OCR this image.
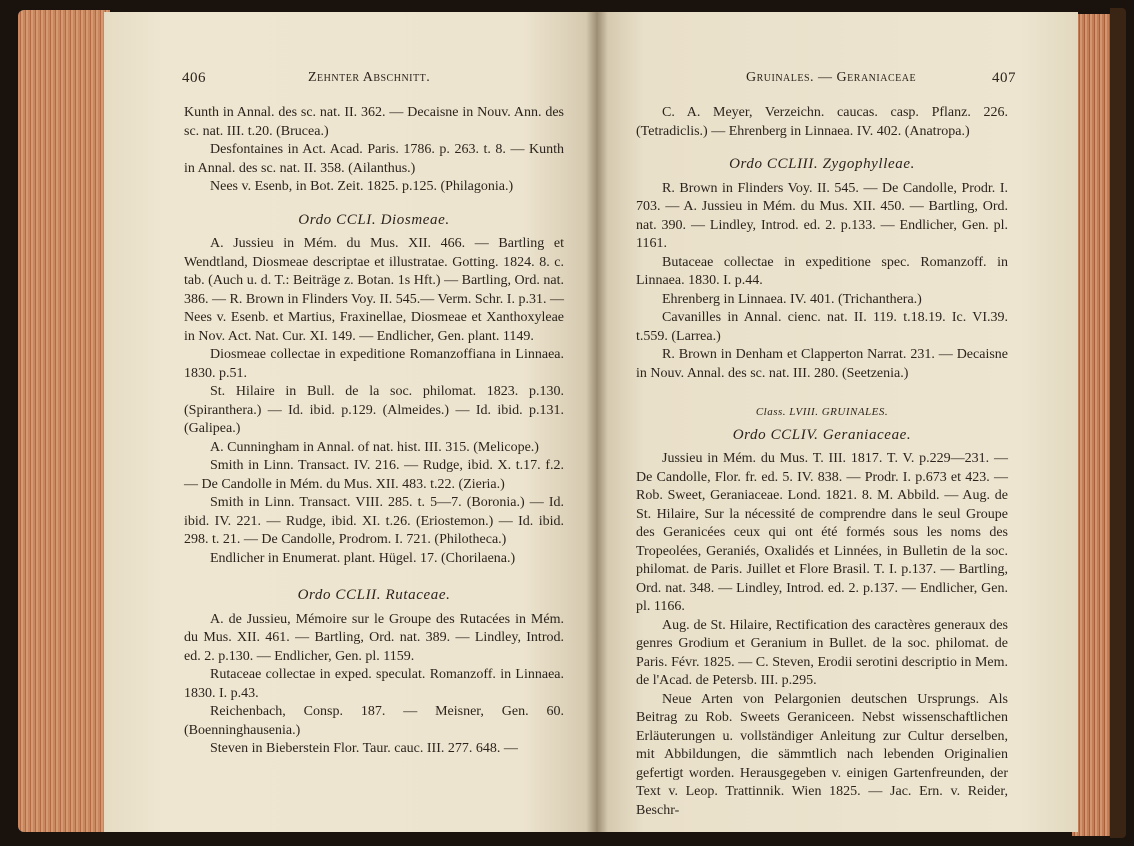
406	Zehnter Abschnitt.

Kunth in Annal. des sc. nat. II. 362. — Decaisne in Nouv. Ann. des sc. nat. III. t.20. (Brucea.)

Desfontaines in Act. Acad. Paris. 1786. p. 263. t. 8. — Kunth in Annal. des sc. nat. II. 358. (Ailanthus.)

Nees v. Esenb, in Bot. Zeit. 1825. p.125. (Philagonia.)

Ordo CCLI. Diosmeae.

A. Jussieu in Mém. du Mus. XII. 466. — Bartling et Wendtland, Diosmeae descriptae et illustratae. Gotting. 1824. 8. c. tab. (Auch u. d. T.: Beiträge z. Botan. 1s Hft.) — Bartling, Ord. nat. 386. — R. Brown in Flinders Voy. II. 545.— Verm. Schr. I. p.31. — Nees v. Esenb. et Martius, Fraxinellae, Diosmeae et Xanthoxyleae in Nov. Act. Nat. Cur. XI. 149. — Endlicher, Gen. plant. 1149.

Diosmeae collectae in expeditione Romanzoffiana in Linnaea. 1830. p.51.

St. Hilaire in Bull. de la soc. philomat. 1823. p.130. (Spiranthera.) — Id. ibid. p.129. (Almeides.) — Id. ibid. p.131. (Galipea.)

A. Cunningham in Annal. of nat. hist. III. 315. (Melicope.)

Smith in Linn. Transact. IV. 216. — Rudge, ibid. X. t.17. f.2. — De Candolle in Mém. du Mus. XII. 483. t.22. (Zieria.)

Smith in Linn. Transact. VIII. 285. t. 5—7. (Boronia.) — Id. ibid. IV. 221. — Rudge, ibid. XI. t.26. (Eriostemon.) — Id. ibid. 298. t. 21. — De Candolle, Prodrom. I. 721. (Philotheca.)

Endlicher in Enumerat. plant. Hügel. 17. (Chorilaena.)

Ordo CCLII. Rutaceae.

A. de Jussieu, Mémoire sur le Groupe des Rutacées in Mém. du Mus. XII. 461. — Bartling, Ord. nat. 389. — Lindley, Introd. ed. 2. p.130. — Endlicher, Gen. pl. 1159.

Rutaceae collectae in exped. speculat. Romanzoff. in Linnaea. 1830. I. p.43.

Reichenbach, Consp. 187. — Meisner, Gen. 60. (Boenninghausenia.)

Steven in Bieberstein Flor. Taur. cauc. III. 277. 648. —

Gruinales. — Geraniaceae	407

C. A. Meyer, Verzeichn. caucas. casp. Pflanz. 226. (Tetradiclis.) — Ehrenberg in Linnaea. IV. 402. (Anatropa.)

Ordo CCLIII. Zygophylleae.

R. Brown in Flinders Voy. II. 545. — De Candolle, Prodr. I. 703. — A. Jussieu in Mém. du Mus. XII. 450. — Bartling, Ord. nat. 390. — Lindley, Introd. ed. 2. p.133. — Endlicher, Gen. pl. 1161.

Butaceae collectae in expeditione spec. Romanzoff. in Linnaea. 1830. I. p.44.

Ehrenberg in Linnaea. IV. 401. (Trichanthera.)

Cavanilles in Annal. cienc. nat. II. 119. t.18.19. Ic. VI.39. t.559. (Larrea.)

R. Brown in Denham et Clapperton Narrat. 231. — Decaisne in Nouv. Annal. des sc. nat. III. 280. (Seetzenia.)

Class. LVIII. GRUINALES.
Ordo CCLIV. Geraniaceae.

Jussieu in Mém. du Mus. T. III. 1817. T. V. p.229—231. — De Candolle, Flor. fr. ed. 5. IV. 838. — Prodr. I. p.673 et 423. — Rob. Sweet, Geraniaceae. Lond. 1821. 8. M. Abbild. — Aug. de St. Hilaire, Sur la nécessité de comprendre dans le seul Groupe des Geranicées ceux qui ont été formés sous les noms des Tropeolées, Geraniés, Oxalidés et Linnées, in Bulletin de la soc. philomat. de Paris. Juillet et Flore Brasil. T. I. p.137. — Bartling, Ord. nat. 348. — Lindley, Introd. ed. 2. p.137. — Endlicher, Gen. pl. 1166.

Aug. de St. Hilaire, Rectification des caractères generaux des genres Grodium et Geranium in Bullet. de la soc. philomat. de Paris. Févr. 1825. — C. Steven, Erodii serotini descriptio in Mem. de l'Acad. de Petersb. III. p.295.

Neue Arten von Pelargonien deutschen Ursprungs. Als Beitrag zu Rob. Sweets Geraniceen. Nebst wissenschaftlichen Erläuterungen u. vollständiger Anleitung zur Cultur derselben, mit Abbildungen, die sämmtlich nach lebenden Originalien gefertigt worden. Herausgegeben v. einigen Gartenfreunden, der Text v. Leop. Trattinnik. Wien 1825. — Jac. Ern. v. Reider, Beschr-
